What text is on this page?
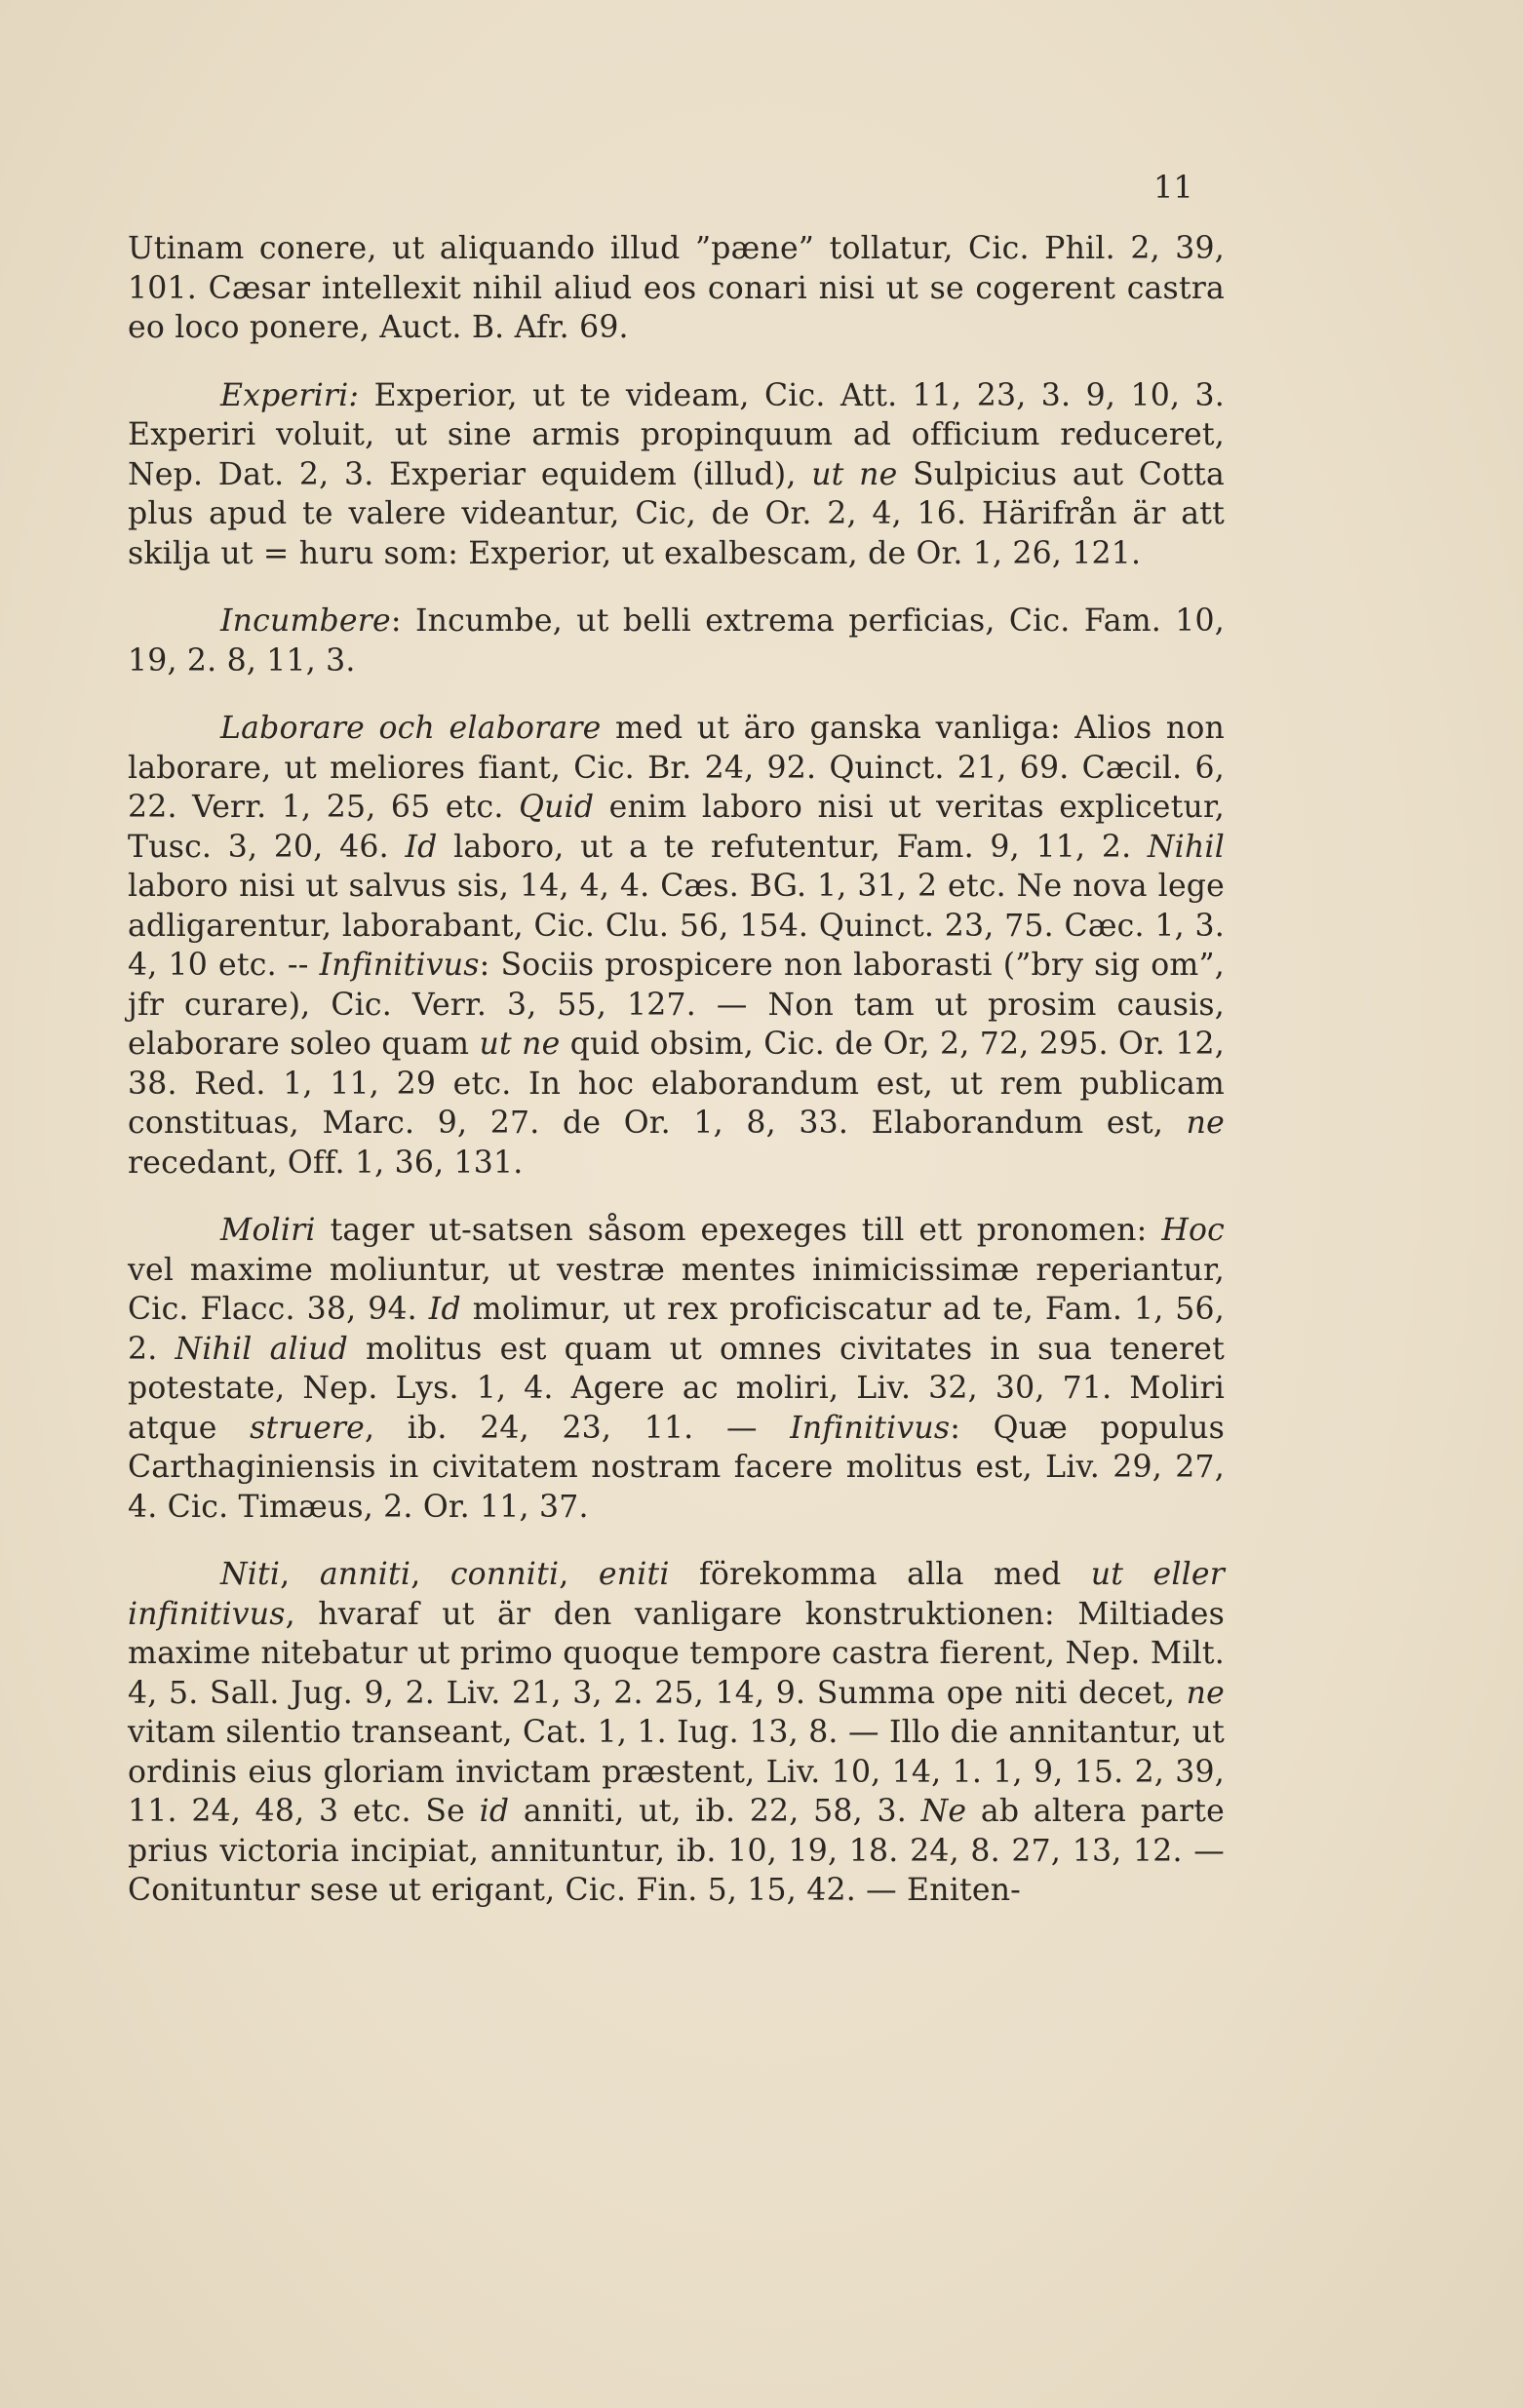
11

Utinam conere, ut aliquando illud ”pæne” tollatur, Cic. Phil. 2, 39, 101. Cæsar intellexit nihil aliud eos conari nisi ut se cogerent castra eo loco ponere, Auct. B. Afr. 69.

Experiri: Experior, ut te videam, Cic. Att. 11, 23, 3. 9, 10, 3. Experiri voluit, ut sine armis propinquum ad officium reduceret, Nep. Dat. 2, 3. Experiar equidem (illud), ut ne Sulpicius aut Cotta plus apud te valere videantur, Cic, de Or. 2, 4, 16. Härifrån är att skilja ut = huru som: Experior, ut exalbescam, de Or. 1, 26, 121.

Incumbere: Incumbe, ut belli extrema perficias, Cic. Fam. 10, 19, 2. 8, 11, 3.

Laborare och elaborare med ut äro ganska vanliga: Alios non laborare, ut meliores fiant, Cic. Br. 24, 92. Quinct. 21, 69. Cæcil. 6, 22. Verr. 1, 25, 65 etc. Quid enim laboro nisi ut veritas explicetur, Tusc. 3, 20, 46. Id laboro, ut a te refutentur, Fam. 9, 11, 2. Nihil laboro nisi ut salvus sis, 14, 4, 4. Cæs. BG. 1, 31, 2 etc. Ne nova lege adligarentur, laborabant, Cic. Clu. 56, 154. Quinct. 23, 75. Cæc. 1, 3. 4, 10 etc. -- Infinitivus: Sociis prospicere non laborasti (”bry sig om”, jfr curare), Cic. Verr. 3, 55, 127. — Non tam ut prosim causis, elaborare soleo quam ut ne quid obsim, Cic. de Or, 2, 72, 295. Or. 12, 38. Red. 1, 11, 29 etc. In hoc elaborandum est, ut rem publicam constituas, Marc. 9, 27. de Or. 1, 8, 33. Elaborandum est, ne recedant, Off. 1, 36, 131.

Moliri tager ut-satsen såsom epexeges till ett pronomen: Hoc vel maxime moliuntur, ut vestræ mentes inimicissimæ reperiantur, Cic. Flacc. 38, 94. Id molimur, ut rex proficiscatur ad te, Fam. 1, 56, 2. Nihil aliud molitus est quam ut omnes civitates in sua teneret potestate, Nep. Lys. 1, 4. Agere ac moliri, Liv. 32, 30, 71. Moliri atque struere, ib. 24, 23, 11. — Infinitivus: Quæ populus Carthaginiensis in civitatem nostram facere molitus est, Liv. 29, 27, 4. Cic. Timæus, 2. Or. 11, 37.

Niti, anniti, conniti, eniti förekomma alla med ut eller infinitivus, hvaraf ut är den vanligare konstruktionen: Miltiades maxime nitebatur ut primo quoque tempore castra fierent, Nep. Milt. 4, 5. Sall. Jug. 9, 2. Liv. 21, 3, 2. 25, 14, 9. Summa ope niti decet, ne vitam silentio transeant, Cat. 1, 1. Iug. 13, 8. — Illo die annitantur, ut ordinis eius gloriam invictam præstent, Liv. 10, 14, 1. 1, 9, 15. 2, 39, 11. 24, 48, 3 etc. Se id anniti, ut, ib. 22, 58, 3. Ne ab altera parte prius victoria incipiat, annituntur, ib. 10, 19, 18. 24, 8. 27, 13, 12. — Conituntur sese ut erigant, Cic. Fin. 5, 15, 42. — Eniten-
